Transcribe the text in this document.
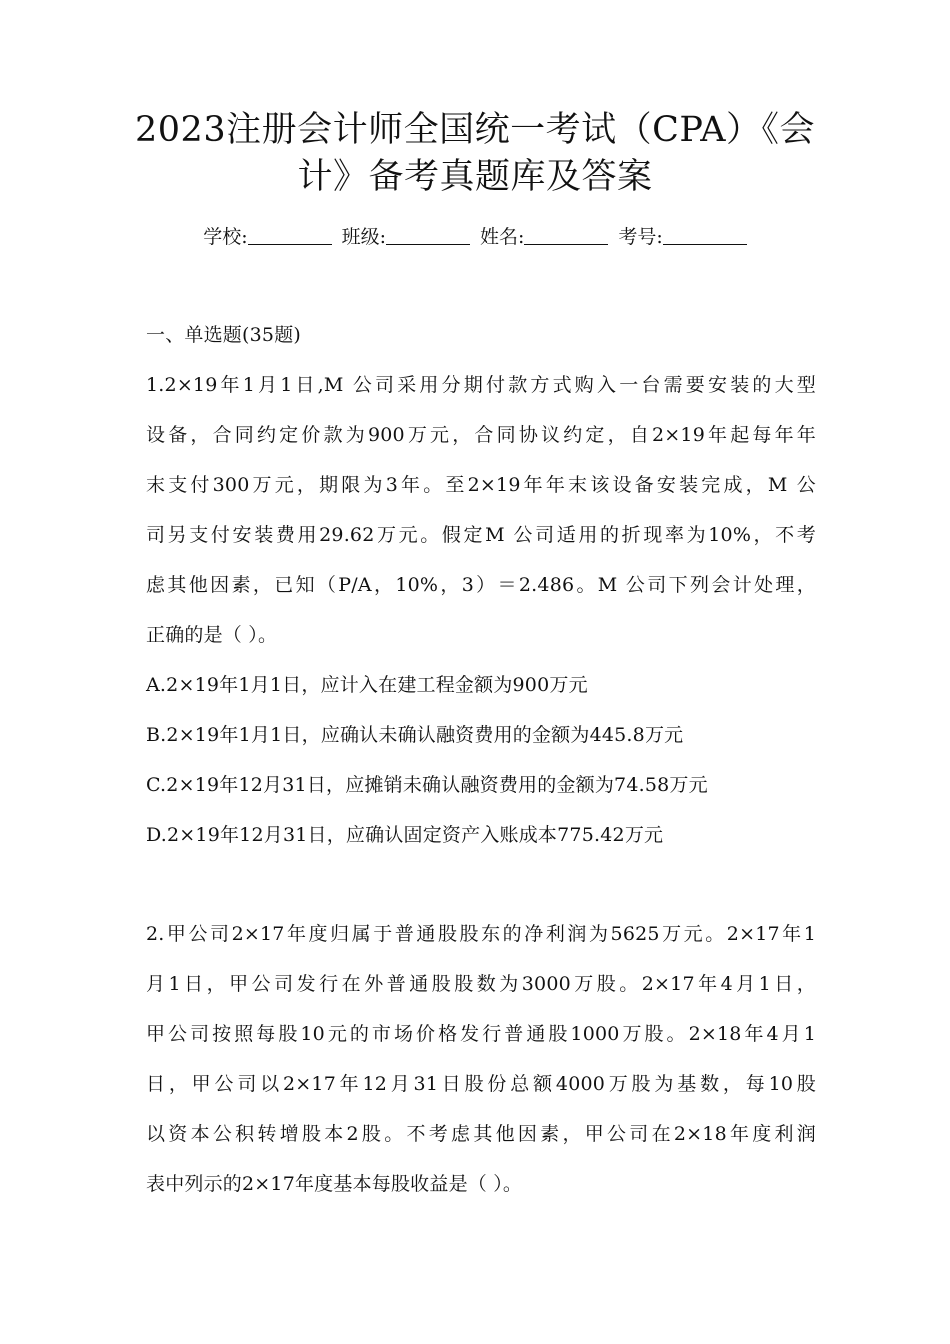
2023注册会计师全国统一考试（CPA）《会
计》备考真题库及答案
学校:	班级:	姓名:	考号:
一、单选题(35题)
1.2×19年1月1日,M 公司采用分期付款方式购入一台需要安装的大型
设备，合同约定价款为900万元，合同协议约定，自2×19年起每年年
末支付300万元，期限为3年。至2×19年年末该设备安装完成，M 公
司另支付安装费用29.62万元。假定M 公司适用的折现率为10%，不考
虑其他因素，已知（P/A，10%，3）＝2.486。M 公司下列会计处理，
正确的是（ ）。
A.2×19年1月1日，应计入在建工程金额为900万元
B.2×19年1月1日，应确认未确认融资费用的金额为445.8万元
C.2×19年12月31日，应摊销未确认融资费用的金额为74.58万元
D.2×19年12月31日，应确认固定资产入账成本775.42万元
2.甲公司2×17年度归属于普通股股东的净利润为5625万元。2×17年1
月1日，甲公司发行在外普通股股数为3000万股。2×17年4月1日，
甲公司按照每股10元的市场价格发行普通股1000万股。2×18年4月1
日，甲公司以2×17年12月31日股份总额4000万股为基数，每10股
以资本公积转增股本2股。不考虑其他因素，甲公司在2×18年度利润
表中列示的2×17年度基本每股收益是（ ）。
